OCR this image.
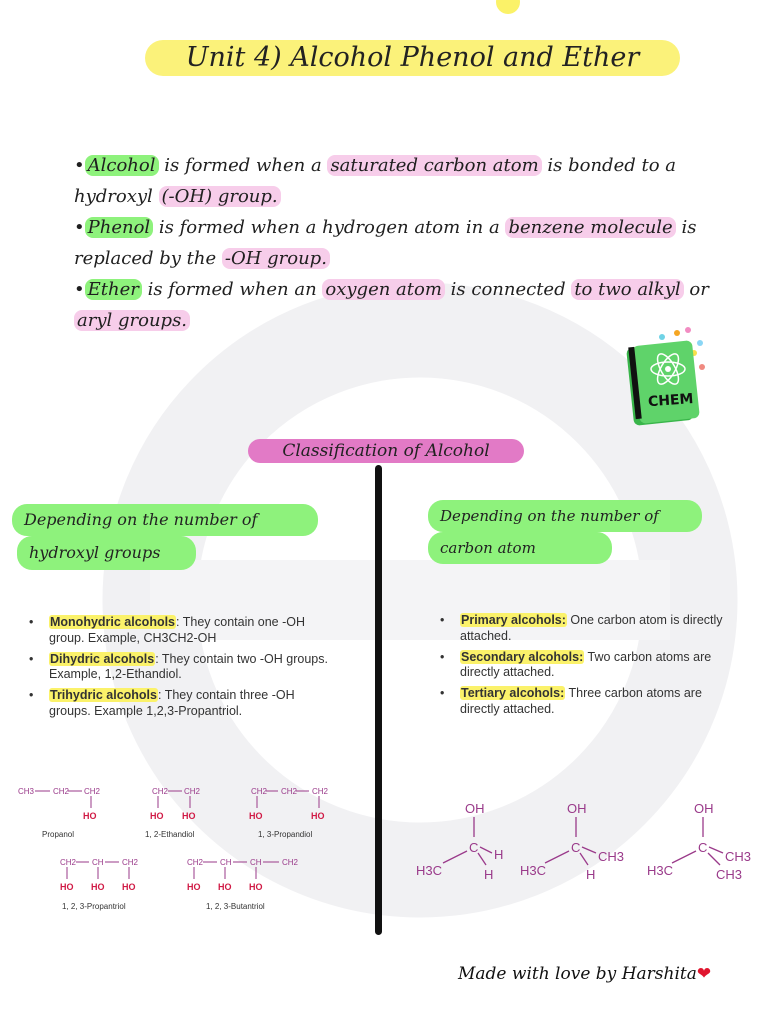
Unit 4) Alcohol Phenol and Ether

• Alcohol is formed when a saturated carbon atom is bonded to a hydroxyl (-OH) group.

• Phenol is formed when a hydrogen atom in a benzene molecule is replaced by the -OH group.

• Ether is formed when an oxygen atom is connected to two alkyl or aryl groups.

CHEM
Classification of Alcohol
Depending on the number of
hydroxyl groups
Depending on the number of
carbon atom
• Monohydric alcohols: They contain one -OH group. Example, CH3CH2-OH
• Dihydric alcohols: They contain two -OH groups. Example, 1,2-Ethandiol.
• Trihydric alcohols: They contain three -OH groups. Example 1,2,3-Propantriol.
• Primary alcohols: One carbon atom is directly attached.
• Secondary alcohols: Two carbon atoms are directly attached.
• Tertiary alcohols: Three carbon atoms are directly attached.
CH3 CH2 CH2	CH2 CH2	CH2 CH2 CH2
CH2 CH CH2	CH2 CH CH	CH2
HO	HO HO	HO	HO
HO HO HO	HO HO HO
Propanol	1, 2-Ethandiol	1, 3-Propandiol
1, 2, 3-Propantriol	1, 2, 3-Butantriol
OH
C
H3C
H
H
OH
C
H3C
CH3
H
OH
C
H3C
CH3
CH3
Made with love by Harshita❤
